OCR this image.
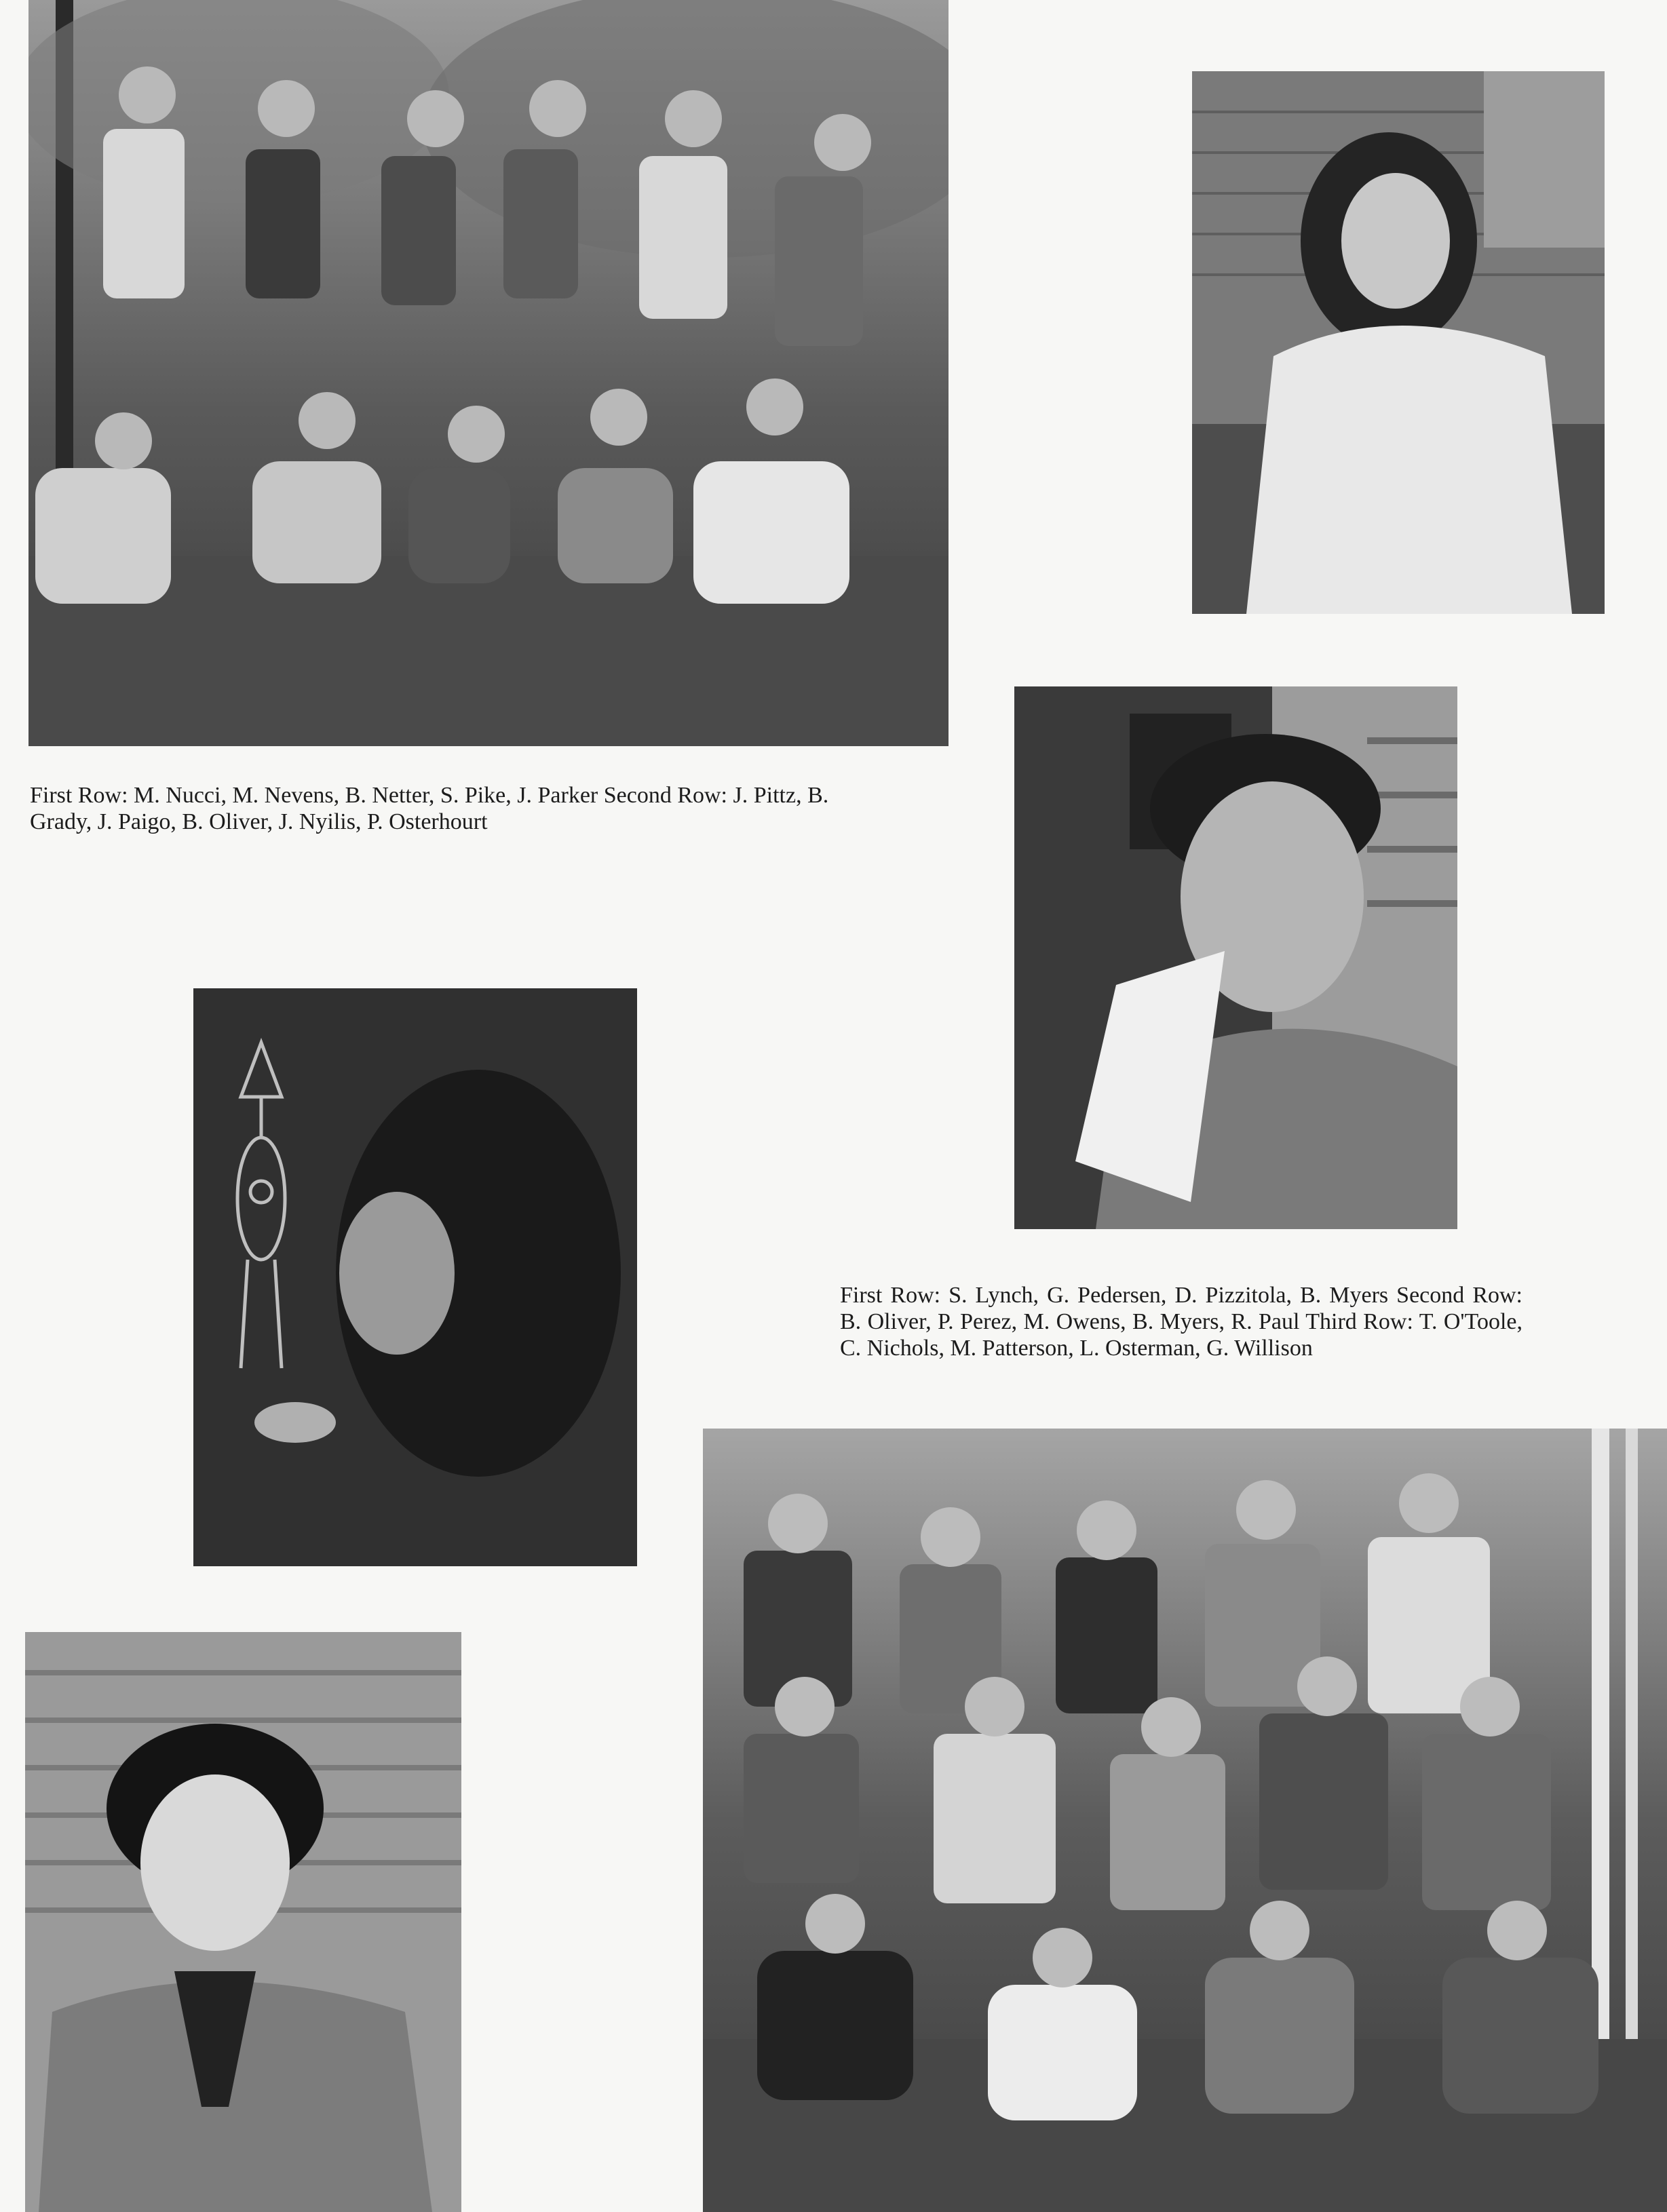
First Row: M. Nucci, M. Nevens, B. Netter, S. Pike, J. Parker Second Row: J. Pittz, B. Grady, J. Paigo, B. Oliver, J. Nyilis, P. Osterhourt

First Row: S. Lynch, G. Pedersen, D. Pizzitola, B. Myers Second Row: B. Oliver, P. Perez, M. Owens, B. Myers, R. Paul Third Row: T. O'Toole, C. Nichols, M. Patterson, L. Osterman, G. Willison
